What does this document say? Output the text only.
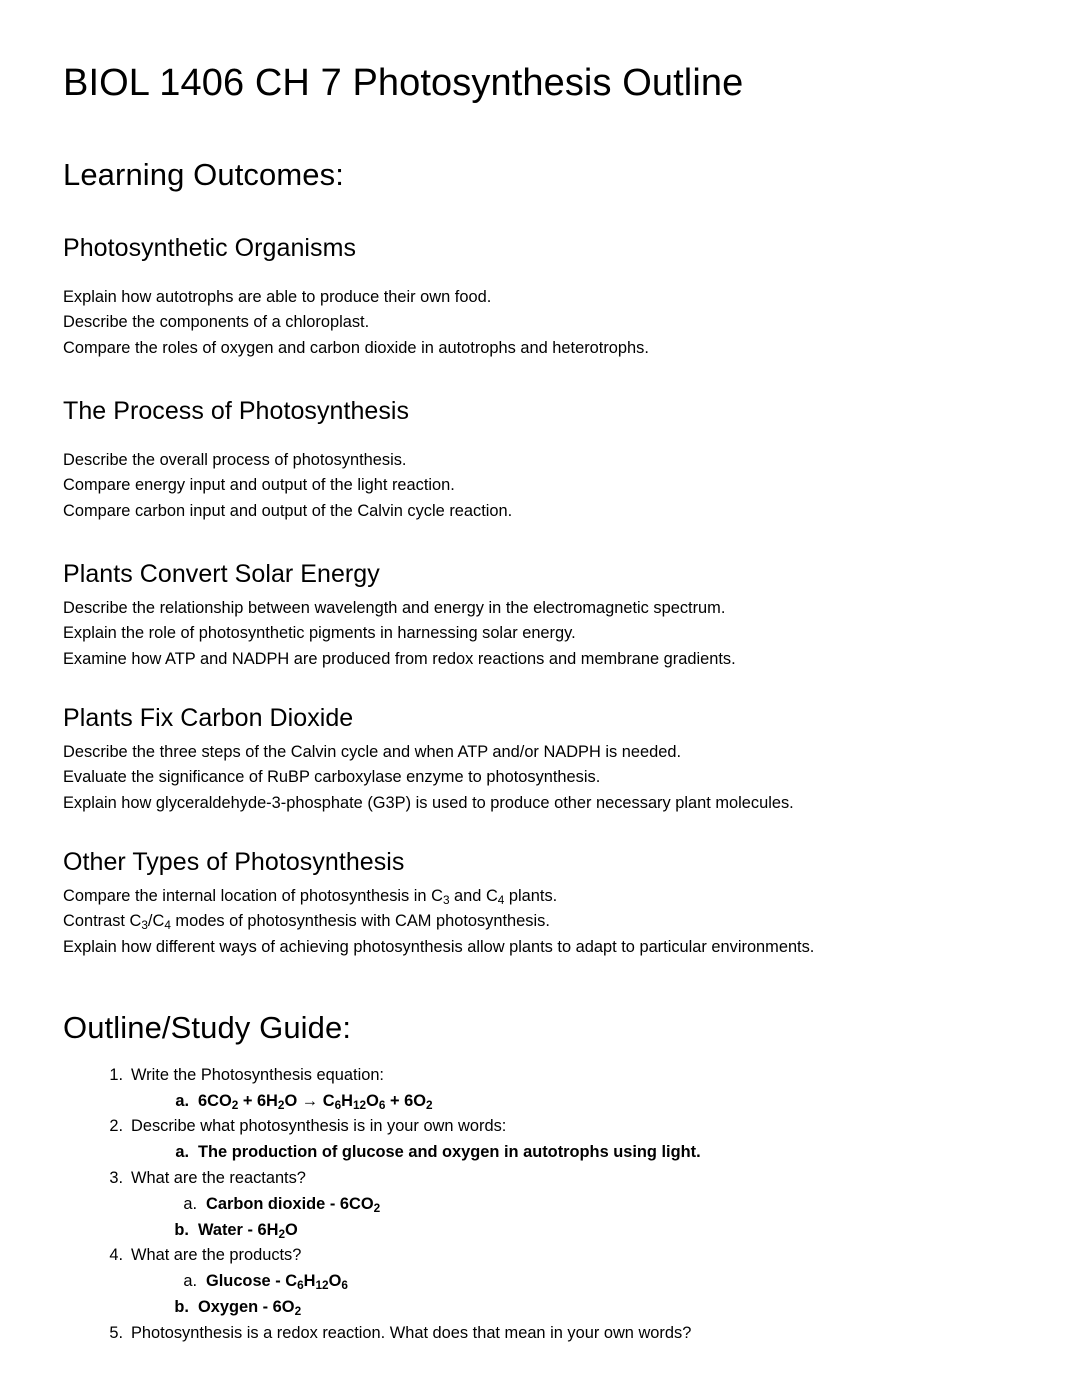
BIOL 1406 CH 7 Photosynthesis Outline
Learning Outcomes:
Photosynthetic Organisms

Explain how autotrophs are able to produce their own food.

Describe the components of a chloroplast.

Compare the roles of oxygen and carbon dioxide in autotrophs and heterotrophs.

The Process of Photosynthesis

Describe the overall process of photosynthesis.

Compare energy input and output of the light reaction.

Compare carbon input and output of the Calvin cycle reaction.

Plants Convert Solar Energy

Describe the relationship between wavelength and energy in the electromagnetic spectrum.

Explain the role of photosynthetic pigments in harnessing solar energy.

Examine how ATP and NADPH are produced from redox reactions and membrane gradients.

Plants Fix Carbon Dioxide

Describe the three steps of the Calvin cycle and when ATP and/or NADPH is needed.

Evaluate the significance of RuBP carboxylase enzyme to photosynthesis.

Explain how glyceraldehyde-3-phosphate (G3P) is used to produce other necessary plant molecules.

Other Types of Photosynthesis

Compare the internal location of photosynthesis in $C_3$ and $C_4$ plants.

Contrast $C_3/C_4$ modes of photosynthesis with CAM photosynthesis.

Explain how different ways of achieving photosynthesis allow plants to adapt to particular environments.

Outline/Study Guide:
1. Write the Photosynthesis equation:
a. $6CO_2 + 6H_2O \to C_6H_{12}O_6 + 6O_2$
2. Describe what photosynthesis is in your own words:
a. The production of glucose and oxygen in autotrophs using light.
3. What are the reactants?
a. Carbon dioxide - $6CO_2$
b. Water - $6H_2O$
4. What are the products?
a. Glucose - $C_6H_{12}O_6$
b. Oxygen - $6O_2$
5. Photosynthesis is a redox reaction. What does that mean in your own words?
